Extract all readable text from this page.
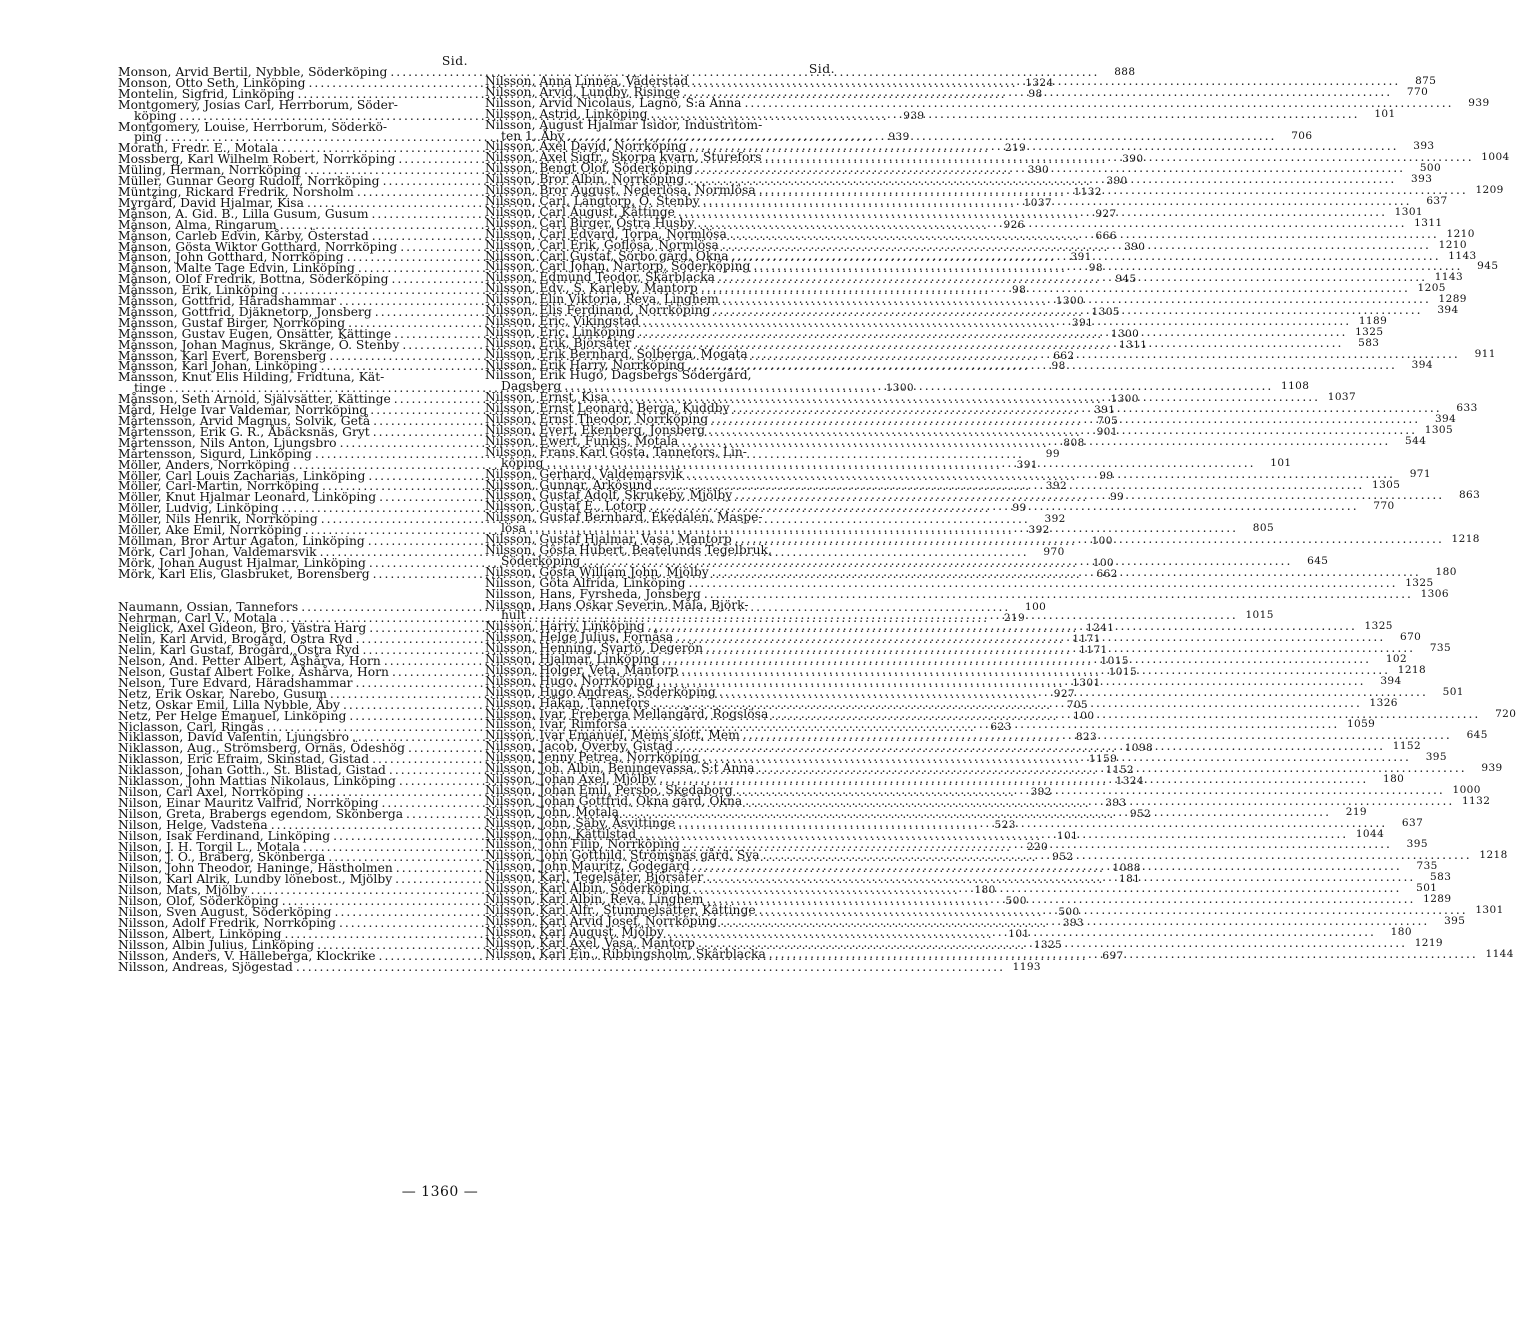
Sid.
Monson, Arvid Bertil, Nybble, Söderköping .....	888
Monson, Otto Seth, Linköping .....	1324
Montelin, Sigfrid, Linköping .....	98
Montgomery, Josias Carl, Herrborum, Söder-
köping .....	939
Montgomery, Louise, Herrborum, Söderkö-
ping .....	939
Morath, Fredr. E., Motala .....	219
Mossberg, Karl Wilhelm Robert, Norrköping .....	390
Müling, Herman, Norrköping .....	390
Müller, Gunnar Georg Rudolf, Norrköping .....	390
Müntzing, Rickard Fredrik, Norsholm .....	1132
Myrgård, David Hjalmar, Kisa .....	1037
Månson, A. Gid. B., Lilla Gusum, Gusum .....	927
Månson, Alma, Ringarum .....	926
Månson, Carleb Edvin, Kårby, Österstad .....	666
Månson, Gösta Wiktor Gotthard, Norrköping .....	390
Månson, John Gotthard, Norrköping .....	391
Månson, Malte Tage Edvin, Linköping .....	98
Månson, Olof Fredrik, Bottna, Söderköping .....	945
Månsson, Erik, Linköping .....	98
Månsson, Gottfrid, Häradshammar .....	1300
Månsson, Gottfrid, Djäknetorp, Jonsberg .....	1305
Månsson, Gustaf Birger, Norrköping .....	391
Månsson, Gustav Eugen, Önsätter, Kättinge .....	1300
Månsson, Johan Magnus, Skränge, Ö. Stenby .....	1311
Månsson, Karl Evert, Borensberg .....	662
Månsson, Karl Johan, Linköping .....	98
Månsson, Knut Elis Hilding, Fridtuna, Kät-
tinge .....	1300
Månsson, Seth Arnold, Självsätter, Kättinge .....	1300
Mård, Helge Ivar Valdemar, Norrköping .....	391
Mårtensson, Arvid Magnus, Solvik, Getå .....	705
Mårtensson, Erik G. R., Åbäcksnäs, Gryt .....	901
Mårtensson, Nils Anton, Ljungsbro .....	808
Mårtensson, Sigurd, Linköping .....	99
Möller, Anders, Norrköping .....	391
Möller, Carl Louis Zacharias, Linköping .....	99
Möller, Carl-Martin, Norrköping .....	392
Möller, Knut Hjalmar Leonard, Linköping .....	99
Möller, Ludvig, Linköping .....	99
Möller, Nils Henrik, Norrköping .....	392
Möller, Ake Emil, Norrköping .....	392
Möllman, Bror Artur Agaton, Linköping .....	100
Mörk, Carl Johan, Valdemarsvik .....	970
Mörk, Johan August Hjalmar, Linköping .....	100
Mörk, Karl Elis, Glasbruket, Borensberg .....	662
Naumann, Ossian, Tannefors .....	100
Nehrman, Carl V., Motala .....	219
Neiglick, Axel Gideon, Bro, Västra Harg .....	1241
Nelin, Karl Arvid, Brogård, Östra Ryd .....	1171
Nelin, Karl Gustaf, Brogård, Östra Ryd .....	1171
Nelson, And. Petter Albert, Åshårva, Horn .....	1015
Nelson, Gustaf Albert Folke, Åshårva, Horn .....	1015
Nelson, Ture Edvard, Häradshammar .....	1301
Netz, Erik Oskar, Narebo, Gusum .....	927
Netz, Oskar Emil, Lilla Nybble, Åby .....	705
Netz, Per Helge Emanuel, Linköping .....	100
Niclasson, Carl, Ringås .....	623
Niklasson, David Valentin, Ljungsbro .....	823
Niklasson, Aug., Strömsberg, Ornäs, Ödeshög .....	1098
Niklasson, Eric Efraim, Skinstad, Gistad .....	1159
Niklasson, Johan Gotth., St. Blistad, Gistad .....	1152
Niklasson, John Mattias Nikolaus, Linköping .....	1324
Nilson, Carl Axel, Norrköping .....	392
Nilson, Einar Mauritz Valfrid, Norrköping .....	393
Nilson, Greta, Brabergs egendom, Skönberga .....	952
Nilson, Helge, Vadstena .....	523
Nilson, Isak Ferdinand, Linköping .....	101
Nilson, J. H. Torgil L., Motala .....	220
Nilson, J. O., Braberg, Skönberga .....	952
Nilson, John Theodor, Haninge, Hästholmen .....	1088
Nilson, Karl Alrik, Lundby lönebost., Mjölby .....	181
Nilson, Mats, Mjölby .....	180
Nilson, Olof, Söderköping .....	500
Nilson, Sven August, Söderköping .....	500
Nilsson, Adolf Fredrik, Norrköping .....	393
Nilsson, Albert, Linköping .....	101
Nilsson, Albin Julius, Linköping .....	1325
Nilsson, Anders, V. Hälleberga, Klockrike .....	697
Nilsson, Andreas, Sjögestad .....	1193
Sid.
Nilsson, Anna Linnéa, Väderstad .....	875
Nilsson, Arvid, Lundby, Risinge .....	770
Nilsson, Arvid Nicolaus, Lagnö, S:a Anna .....	939
Nilsson, Astrid, Linköping .....	101
Nilsson, August Hjalmar Isidor, Industritom-
ten 1, Åby .....	706
Nilsson, Axel David, Norrköping .....	393
Nilsson, Axel Sigfr., Skorpa kvarn, Sturefors .....	1004
Nilsson, Bengt Olof, Söderköping .....	500
Nilsson, Bror Albin, Norrköping .....	393
Nilsson, Bror August, Nederlösa, Normlösa .....	1209
Nilsson, Carl, Långtorp, Ö. Stenby .....	637
Nilsson, Carl August, Kättinge .....	1301
Nilsson, Carl Birger, Östra Husby .....	1311
Nilsson, Carl Edvard, Torpa, Normlösa .....	1210
Nilsson, Carl Erik, Goflösa, Normlösa .....	1210
Nilsson, Carl Gustaf, Sörbo gård, Okna .....	1143
Nilsson, Carl Johan, Nartorp, Söderköping .....	945
Nilsson, Edmund Teodor, Skärblacka .....	1143
Nilsson, Edv., S. Karleby, Mantorp .....	1205
Nilsson, Elin Viktoria, Reva, Linghem .....	1289
Nilsson, Elis Ferdinand, Norrköping .....	394
Nilsson, Eric, Vikingstad .....	1189
Nilsson, Eric, Linköping .....	1325
Nilsson, Erik, Björsäter .....	583
Nilsson, Erik Bernhard, Solberga, Mogata .....	911
Nilsson, Erik Harry, Norrköping .....	394
Nilsson, Erik Hugo, Dagsbergs Södergård,
Dagsberg .....	1108
Nilsson, Ernst, Kisa .....	1037
Nilsson, Ernst Leonard, Berga, Kuddby .....	633
Nilsson, Ernst Theodor, Norrköping .....	394
Nilsson, Evert, Ekenberg, Jonsberg .....	1305
Nilsson, Ewert, Funkis, Motala .....	544
Nilsson, Frans Karl Gösta, Tannefors, Lin-
köping .....	101
Nilsson, Gerhard, Valdemarsvik .....	971
Nilsson, Gunnar, Arkösund .....	1305
Nilsson, Gustaf Adolf, Skrukeby, Mjölby .....	863
Nilsson, Gustaf E., Lotorp .....	770
Nilsson, Gustaf Bernhard, Ekedalen, Maspe-
lösa .....	805
Nilsson, Gustaf Hjalmar, Vasa, Mantorp .....	1218
Nilsson, Gösta Hubert, Beatelunds Tegelbruk,
Söderköping .....	645
Nilsson, Gösta William John, Mjölby .....	180
Nilsson, Göta Alfrida, Linköping .....	1325
Nilsson, Hans, Fyrsheda, Jonsberg .....	1306
Nilsson, Hans Oskar Severin, Måla, Björk-
hult .....	1015
Nilsson, Harry, Linköping .....	1325
Nilsson, Helge Julius, Fornåsa .....	670
Nilsson, Henning, Svartö, Degerön .....	735
Nilsson, Hjalmar, Linköping .....	102
Nilsson, Holger, Veta, Mantorp .....	1218
Nilsson, Hugo, Norrköping .....	394
Nilsson, Hugo Andreas, Söderköping .....	501
Nilsson, Håkan, Tannefors .....	1326
Nilsson, Ivar, Freberga Mellangård, Rogslösa .....	720
Nilsson, Ivar, Rimforsa .....	1059
Nilsson, Ivar Emanuel, Mems slott, Mem .....	645
Nilsson, Jacob, Överby, Gistad .....	1152
Nilsson, Jenny Petrea, Norrköping .....	395
Nilsson, Joh. Albin, Beningevassa, S:t Anna .....	939
Nilsson, Johan Axel, Mjölby .....	180
Nilsson, Johan Emil, Persbo, Skedaborg .....	1000
Nilsson, Johan Gottfrid, Okna gård, Okna .....	1132
Nilsson, John, Motala .....	219
Nilsson, John, Säby, Åsvittinge .....	637
Nilsson, John, Kättilstad .....	1044
Nilsson, John Filip, Norrköping .....	395
Nilsson, John Gotthild, Strömsnäs gård, Sya .....	1218
Nilsson, John Mauritz, Godegård .....	735
Nilsson, Karl, Tegelsäter, Björsäter .....	583
Nilsson, Karl Albin, Söderköping .....	501
Nilsson, Karl Albin, Reva, Linghem .....	1289
Nilsson, Karl Alfr., Stummelsätter, Kättinge .....	1301
Nilsson, Karl Arvid Josef, Norrköping .....	395
Nilsson, Karl August, Mjölby .....	180
Nilsson, Karl Axel, Vasa, Mantorp .....	1219
Nilsson, Karl Ein., Ribbingsholm, Skärblacka .....	1144
— 1360 —
